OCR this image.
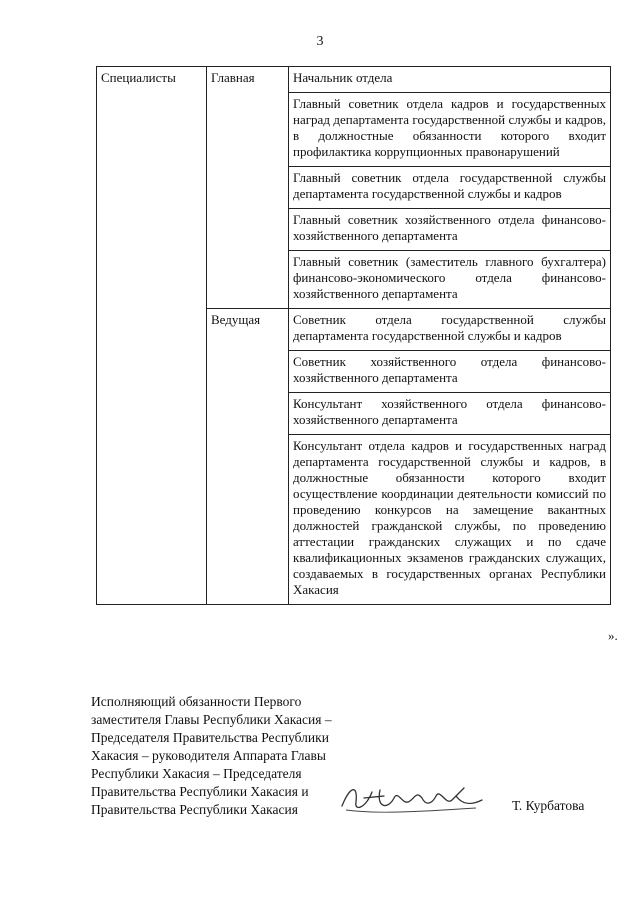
3
Специалисты	Главная	Начальник отдела
		Главный советник отдела кадров и государственных наград департамента государственной службы и кадров, в должностные обязанности которого входит профилактика коррупционных правонарушений
		Главный советник отдела государственной службы департамента государственной службы и кадров
		Главный советник хозяйственного отдела финансово-хозяйственного департамента
		Главный советник (заместитель главного бухгалтера) финансово-экономического отдела финансово-хозяйственного департамента
	Ведущая	Советник отдела государственной службы департамента государственной службы и кадров
		Советник хозяйственного отдела финансово-хозяйственного департамента
		Консультант хозяйственного отдела финансово-хозяйственного департамента
		Консультант отдела кадров и государственных наград департамента государственной службы и кадров, в должностные обязанности которого входит осуществление координации деятельности комиссий по проведению конкурсов на замещение вакантных должностей гражданской службы, по проведению аттестации гражданских служащих и по сдаче квалификационных экзаменов гражданских служащих, создаваемых в государственных органах Республики Хакасия
».
Исполняющий обязанности Первого
заместителя Главы Республики Хакасия –
Председателя Правительства Республики
Хакасия – руководителя Аппарата Главы
Республики Хакасия – Председателя
Правительства Республики Хакасия и
Правительства Республики Хакасия	Т. Курбатова
